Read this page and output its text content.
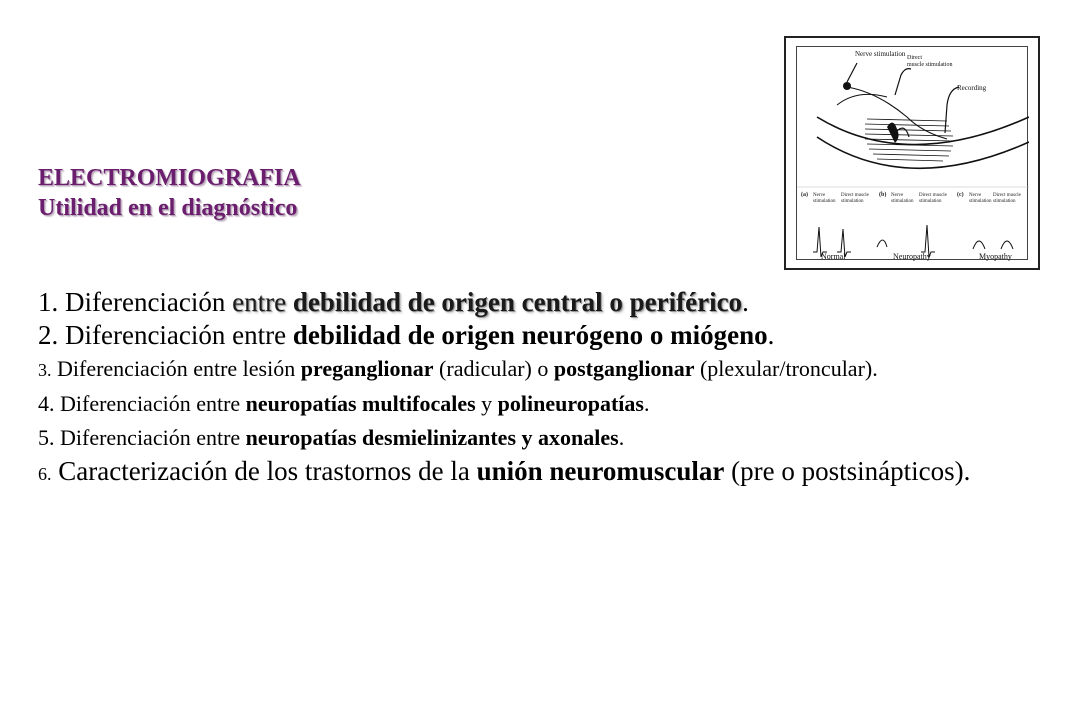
Nerve stimulation Direct
muscle stimulation
Recording
(a) Nerve
stimulation
Direct muscle
stimulation
Normal
(b) Nerve
stimulation
Direct muscle
stimulation
Neuropathy
(c) Nerve
stimulation
Direct muscle
stimulation
Myopathy
ELECTROMIOGRAFIA
Utilidad en el diagnóstico

1. Diferenciación entre debilidad de origen central o periférico.

2. Diferenciación entre debilidad de origen neurógeno o miógeno.

3. Diferenciación entre lesión preganglionar (radicular) o postganglionar (plexular/troncular).

4. Diferenciación entre neuropatías multifocales y polineuropatías.

5. Diferenciación entre neuropatías desmielinizantes y axonales.

6. Caracterización de los trastornos de la unión neuromuscular (pre o postsinápticos).
